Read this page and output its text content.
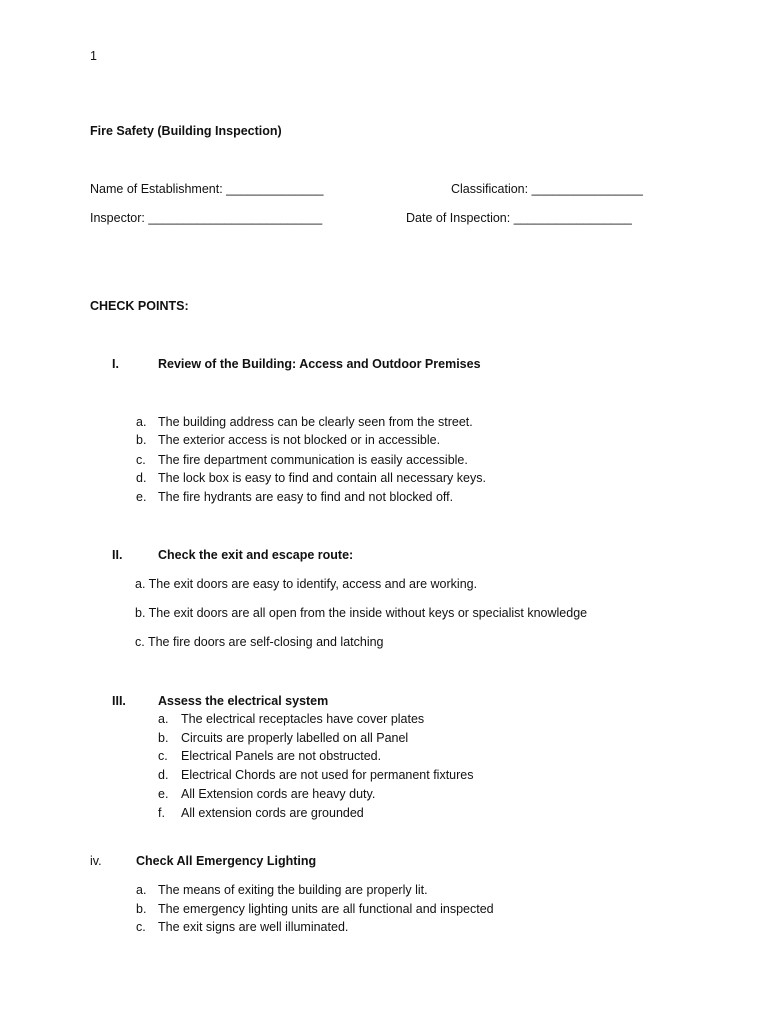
1
Fire Safety (Building Inspection)
Name of Establishment: ______________	Classification: ________________
Inspector: _________________________	Date of Inspection: _________________
CHECK POINTS:
I.	Review of the Building: Access and Outdoor Premises
a. The building address can be clearly seen from the street.
b. The exterior access is not blocked or in accessible.
c. The fire department communication is easily accessible.
d. The lock box is easy to find and contain all necessary keys.
e. The fire hydrants are easy to find and not blocked off.
II.	Check the exit and escape route:
a. The exit doors are easy to identify, access and are working.
b. The exit doors are all open from the inside without keys or specialist knowledge
c. The fire doors are self-closing and latching
III.	Assess the electrical system
a. The electrical receptacles have cover plates
b. Circuits are properly labelled on all Panel
c. Electrical Panels are not obstructed.
d. Electrical Chords are not used for permanent fixtures
e. All Extension cords are heavy duty.
f. All extension cords are grounded
iv.	Check All Emergency Lighting
a. The means of exiting the building are properly lit.
b. The emergency lighting units are all functional and inspected
c. The exit signs are well illuminated.
